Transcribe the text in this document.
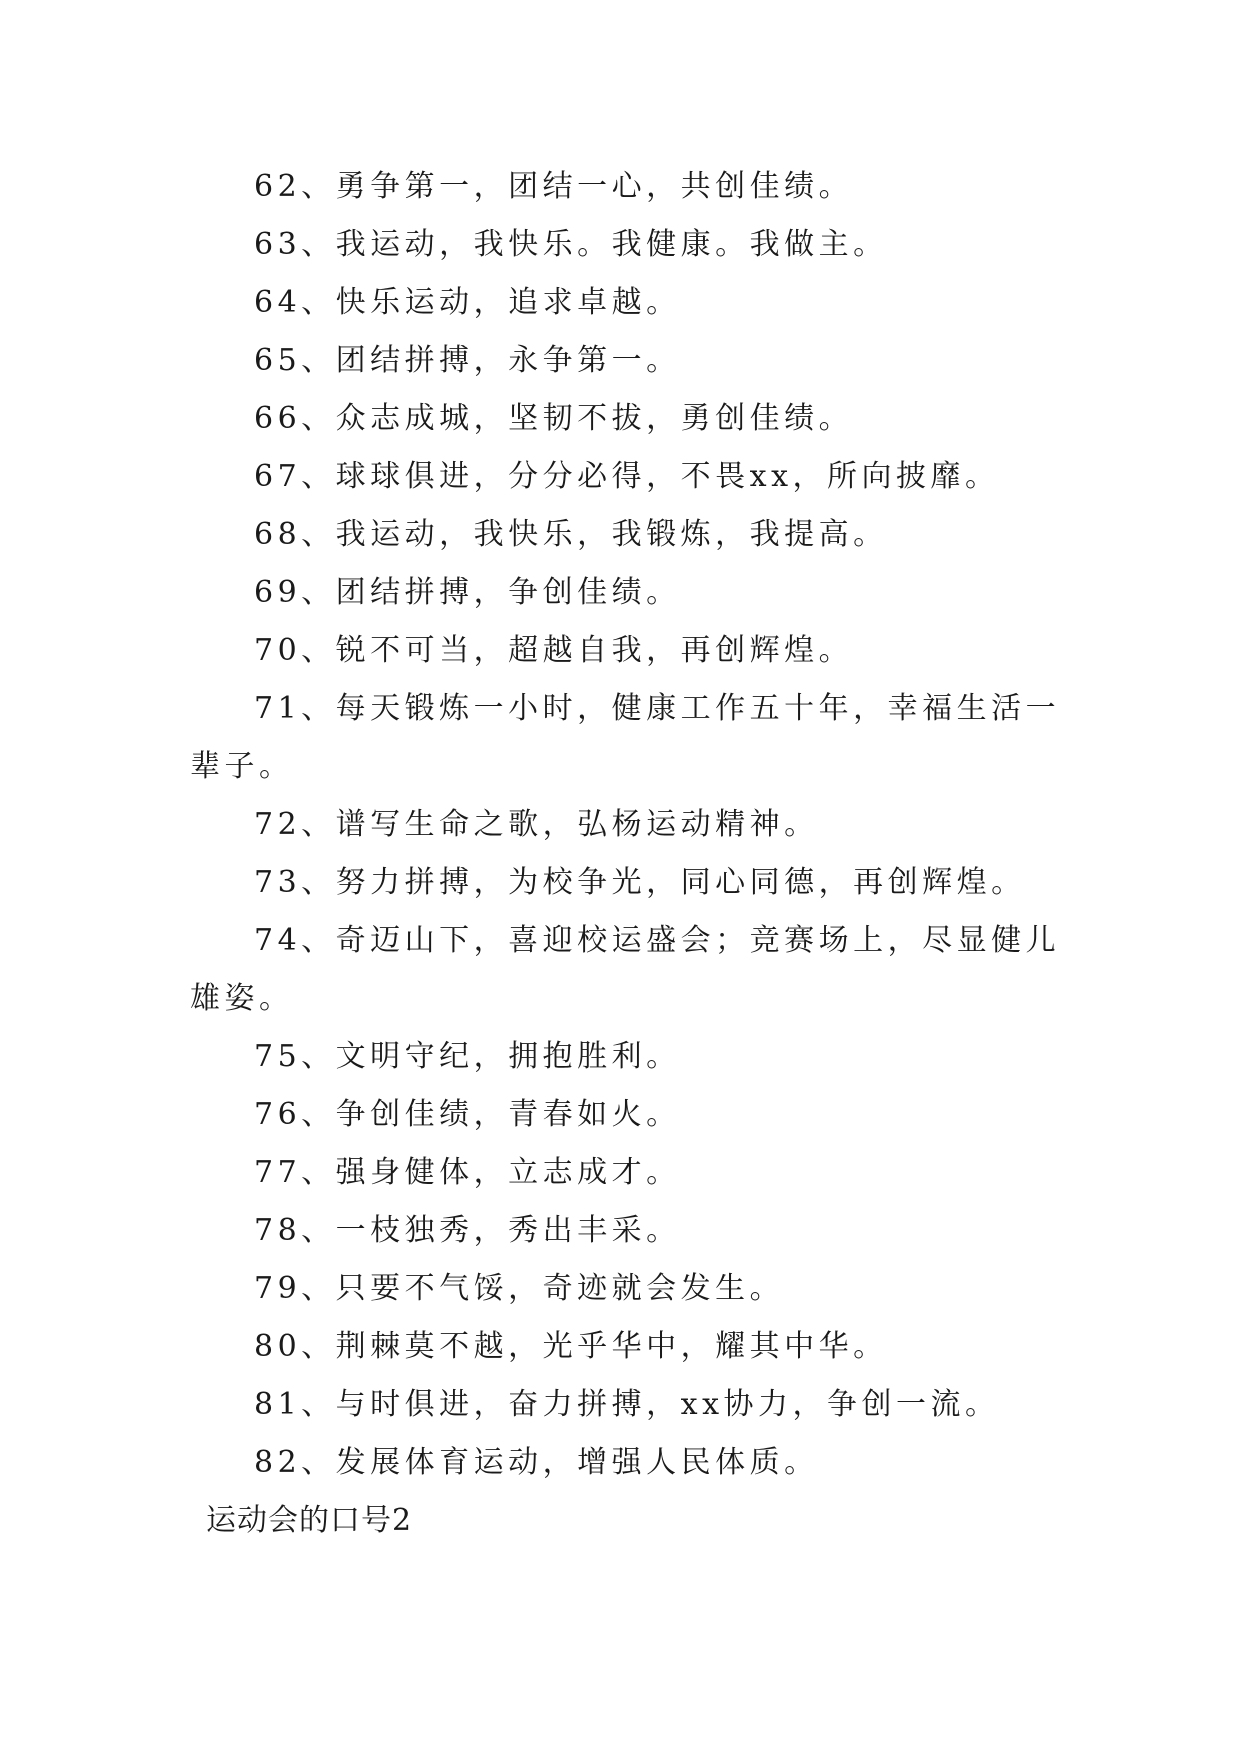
62、勇争第一，团结一心，共创佳绩。

63、我运动，我快乐。我健康。我做主。

64、快乐运动，追求卓越。

65、团结拼搏，永争第一。

66、众志成城，坚韧不拔，勇创佳绩。

67、球球俱进，分分必得，不畏xx，所向披靡。

68、我运动，我快乐，我锻炼，我提高。

69、团结拼搏，争创佳绩。

70、锐不可当，超越自我，再创辉煌。

71、每天锻炼一小时，健康工作五十年，幸福生活一辈子。

72、谱写生命之歌，弘杨运动精神。

73、努力拼搏，为校争光，同心同德，再创辉煌。

74、奇迈山下，喜迎校运盛会；竞赛场上，尽显健儿雄姿。

75、文明守纪，拥抱胜利。

76、争创佳绩，青春如火。

77、强身健体，立志成才。

78、一枝独秀，秀出丰采。

79、只要不气馁，奇迹就会发生。

80、荆棘莫不越，光乎华中，耀其中华。

81、与时俱进，奋力拼搏，xx协力，争创一流。

82、发展体育运动，增强人民体质。

运动会的口号2
